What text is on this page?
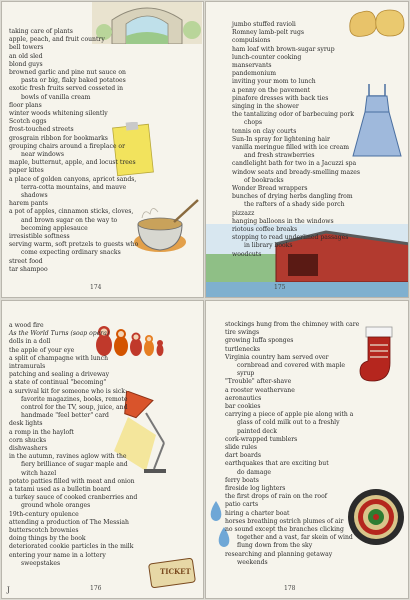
taking care of plants
apple, peach, and fruit country
bell towers
an old sled
blond guys
browned garlic and pine nut sauce on
pasta or big, flaky baked potatoes
exotic fresh fruits served cosseted in
bowls of vanilla cream
floor plans
winter woods whitening silently
Scotch eggs
frost-touched streets
grosgrain ribbon for bookmarks
grouping chairs around a fireplace or
near windows
maple, butternut, apple, and locust trees
paper kites
a place of golden canyons, apricot sands,
terra-cotta mountains, and mauve
shadows
harem pants
a pot of apples, cinnamon sticks, cloves,
and brown sugar on the way to
becoming applesauce
irresistible softness
serving warm, soft pretzels to guests who
come expecting ordinary snacks
street food
tar shampoo
174
jumbo stuffed ravioli
Romney lamb-pelt rugs
compulsions
ham loaf with brown-sugar syrup
lunch-counter cooking
manservants
pandemonium
inviting your mom to lunch
a penny on the pavement
pinafore dresses with back ties
singing in the shower
the tantalizing odor of barbecuing pork
chops
tennis on clay courts
Sun-In spray for lightening hair
vanilla meringue filled with ice cream
and fresh strawberries
candlelight bath for two in a Jacuzzi spa
window seats and bready-smelling mazes
of bookracks
Wonder Bread wrappers
bunches of drying herbs dangling from
the rafters of a shady side porch
pizzazz
hanging balloons in the windows
riotous coffee breaks
stopping to read underlined passages
in library books
woodcuts
175
TICKET
a wood fire
As the World Turns (soap opera)
dolls in a doll
the apple of your eye
a split of champagne with lunch
intramurals
patching and sealing a driveway
a state of continual "becoming"
a survival kit for someone who is sick:
favorite magazines, books, remote
control for the TV, soup, juice, and
handmade "feel better" card
desk lights
a romp in the hayloft
corn shucks
dishwashers
in the autumn, ravines aglow with the
fiery brilliance of sugar maple and
witch hazel
potato patties filled with meat and onion
a tatami used as a bulletin board
a turkey sauce of cooked cranberries and
ground whole oranges
19th-century opulence
attending a production of The Messiah
butterscotch brownies
doing things by the book
deteriorated cookie particles in the milk
entering your name in a lottery
sweepstakes
176
J
stockings hung from the chimney with care
tire swings
growing luffa sponges
turtlenecks
Virginia country ham served over
cornbread and covered with maple
syrup
"Trouble" after-shave
a rooster weathervane
aeronautics
bar cookies
carrying a piece of apple pie along with a
glass of cold milk out to a freshly
painted deck
cork-wrapped tumblers
slide rules
dart boards
earthquakes that are exciting but
do damage
ferry boats
fireside log lighters
the first drops of rain on the roof
patio carts
hiring a charter boat
horses breathing ostrich plumes of air
no sound except the branches clicking
together and a vast, far skein of wind
flung down from the sky
researching and planning getaway
weekends
178
